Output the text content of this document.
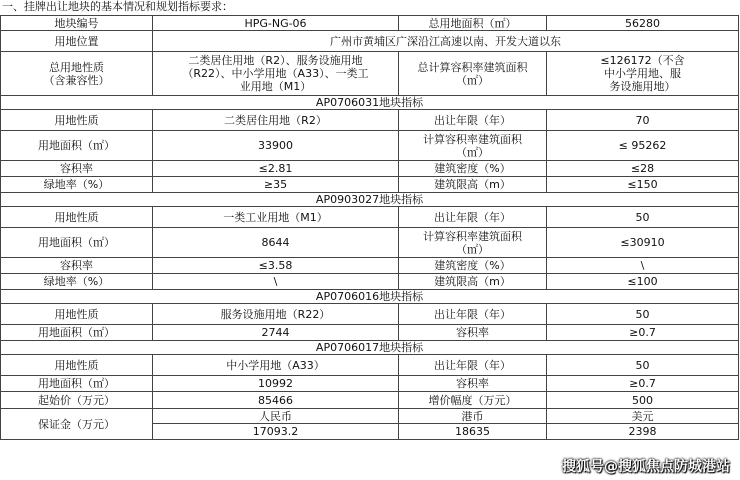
一、挂牌出让地块的基本情况和规划指标要求：
地块编号	HPG-NG-06	总用地面积（㎡）	56280
用地位置	广州市黄埔区广深沿江高速以南、开发大道以东		
总用地性质
（含兼容性）	二类居住用地（R2）、服务设施用地
（R22）、中小学用地（A33）、一类工
业用地（M1）	总计算容积率建筑面积
（㎡）	≤126172（不含
中小学用地、服
务设施用地）
AP0706031地块指标			
用地性质	二类居住用地（R2）	出让年限（年）	70
用地面积（㎡）	33900	计算容积率建筑面积
（㎡）	≤ 95262
容积率	≤2.81	建筑密度（%）	≤28
绿地率（%）	≥35	建筑限高（m）	≤150
AP0903027地块指标			
用地性质	一类工业用地（M1）	出让年限（年）	50
用地面积（㎡）	8644	计算容积率建筑面积
（㎡）	≤30910
容积率	≤3.58	建筑密度（%）	\
绿地率（%）	\	建筑限高（m）	≤100
AP0706016地块指标			
用地性质	服务设施用地（R22）	出让年限（年）	50
用地面积（㎡）	2744	容积率	≥0.7
AP0706017地块指标			
用地性质	中小学用地（A33）	出让年限（年）	50
用地面积（㎡）	10992	容积率	≥0.7
起始价（万元）	85466	增价幅度（万元）	500
保证金（万元）	人民币	港币	美元
	17093.2	18635	2398
搜狐号@搜狐焦点防城港站
